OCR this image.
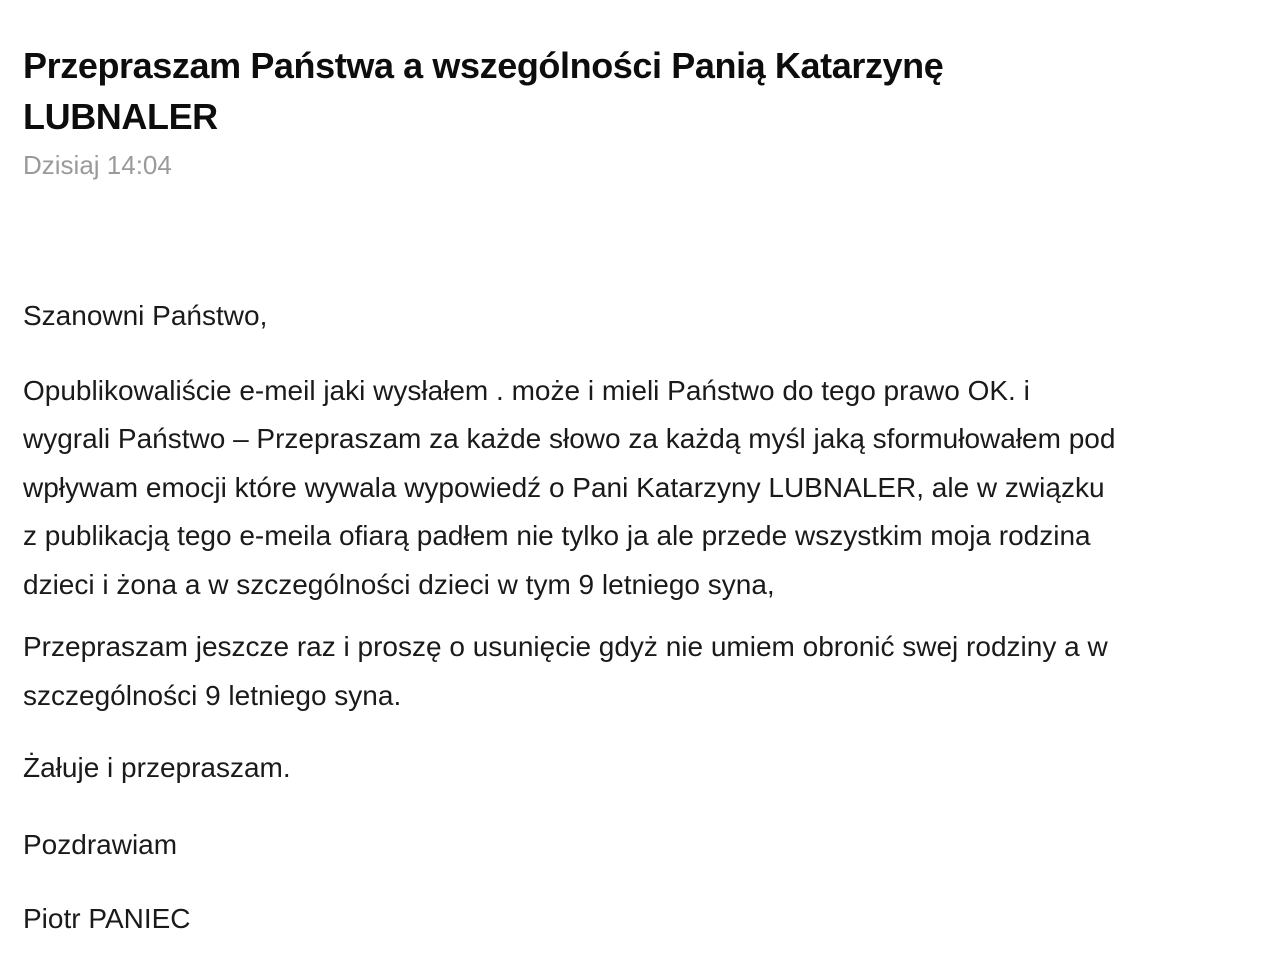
Przepraszam Państwa a wszególności Panią Katarzynę
LUBNALER
Dzisiaj 14:04

Szanowni Państwo,

Opublikowaliście e-meil jaki wysłałem . może i mieli Państwo do tego prawo OK. i
wygrali Państwo – Przepraszam za każde słowo za każdą myśl jaką sformułowałem pod
wpływam emocji które wywala wypowiedź o Pani Katarzyny LUBNALER, ale w związku
z publikacją tego e-meila ofiarą padłem nie tylko ja ale przede wszystkim moja rodzina
dzieci i żona a w szczególności dzieci w tym 9 letniego syna,

Przepraszam jeszcze raz i proszę o usunięcie gdyż nie umiem obronić swej rodziny a w
szczególności 9 letniego syna.

Żałuje i przepraszam.

Pozdrawiam

Piotr PANIEC
